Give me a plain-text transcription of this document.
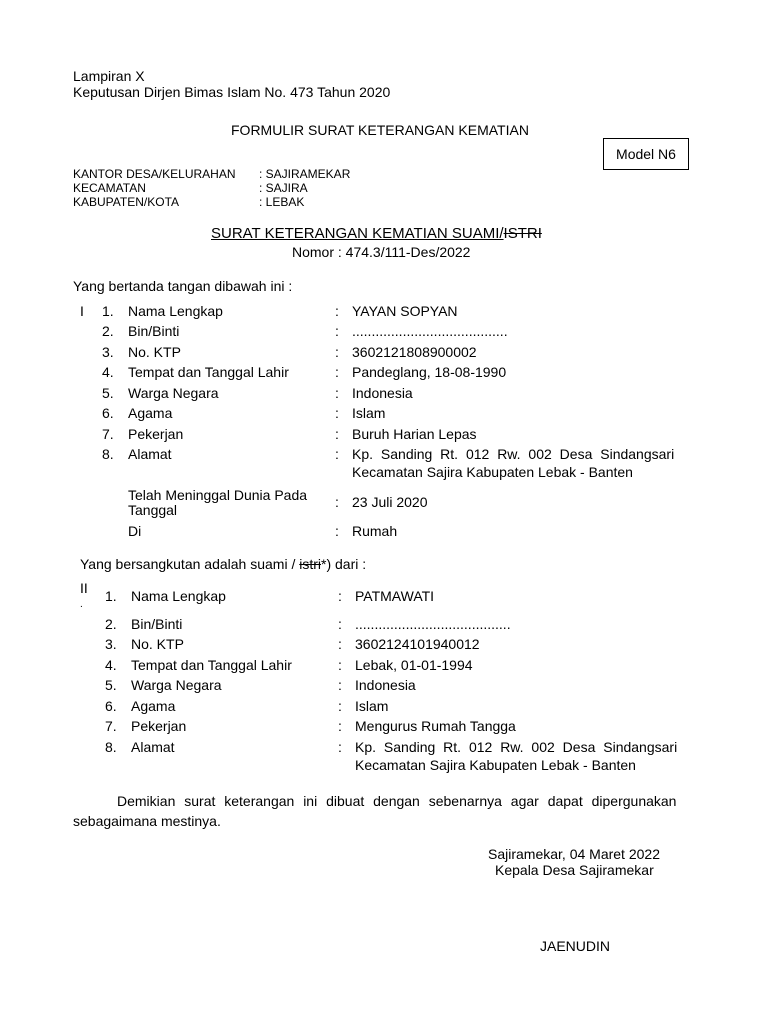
Lampiran X
Keputusan Dirjen Bimas Islam No. 473 Tahun 2020
FORMULIR SURAT KETERANGAN KEMATIAN
Model N6
KANTOR DESA/KELURAHAN : SAJIRAMEKAR
KECAMATAN	: SAJIRA
KABUPATEN/KOTA	: LEBAK
SURAT KETERANGAN KEMATIAN SUAMI/ISTRI
Nomor : 474.3/111-Des/2022
Yang bertanda tangan dibawah ini :
I 1. Nama Lengkap	: YAYAN SOPYAN
2. Bin/Binti	: ........................................
3. No. KTP	: 3602121808900002
4. Tempat dan Tanggal Lahir	: Pandeglang, 18-08-1990
5. Warga Negara	: Indonesia
6. Agama	: Islam
7. Pekerjan	: Buruh Harian Lepas
8. Alamat	: Kp. Sanding Rt. 012 Rw. 002 Desa Sindangsari
Kecamatan Sajira Kabupaten Lebak - Banten
Telah Meninggal Dunia Pada
Tanggal	: 23 Juli 2020
Di	: Rumah
Yang bersangkutan adalah suami / istri*) dari :
II
.
1. Nama Lengkap	: PATMAWATI
2. Bin/Binti	: ........................................
3. No. KTP	: 3602124101940012
4. Tempat dan Tanggal Lahir	: Lebak, 01-01-1994
5. Warga Negara	: Indonesia
6. Agama	: Islam
7. Pekerjan	: Mengurus Rumah Tangga
8. Alamat	: Kp. Sanding Rt. 012 Rw. 002 Desa Sindangsari
Kecamatan Sajira Kabupaten Lebak - Banten
Demikian surat keterangan ini dibuat dengan sebenarnya agar dapat dipergunakan
sebagaimana mestinya.
Sajiramekar, 04 Maret 2022
Kepala Desa Sajiramekar
JAENUDIN
